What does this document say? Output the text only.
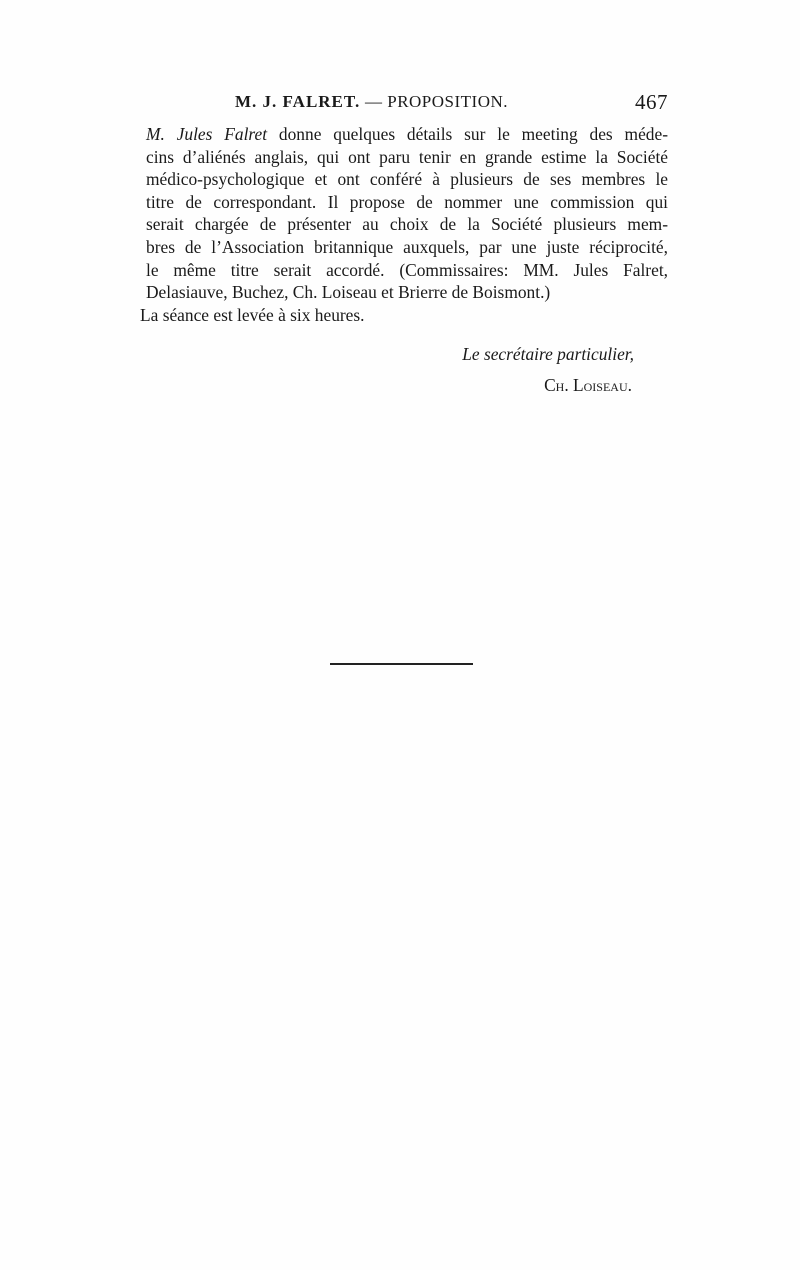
M. J. FALRET. — PROPOSITION.	467

M. Jules Falret donne quelques détails sur le meeting des méde-
cins d’aliénés anglais, qui ont paru tenir en grande estime la Société
médico-psychologique et ont conféré à plusieurs de ses membres le
titre de correspondant. Il propose de nommer une commission qui
serait chargée de présenter au choix de la Société plusieurs mem-
bres de l’Association britannique auxquels, par une juste réciprocité,
le même titre serait accordé. (Commissaires: MM. Jules Falret,
Delasiauve, Buchez, Ch. Loiseau et Brierre de Boismont.)

La séance est levée à six heures.

Le secrétaire particulier,
Ch. Loiseau.
